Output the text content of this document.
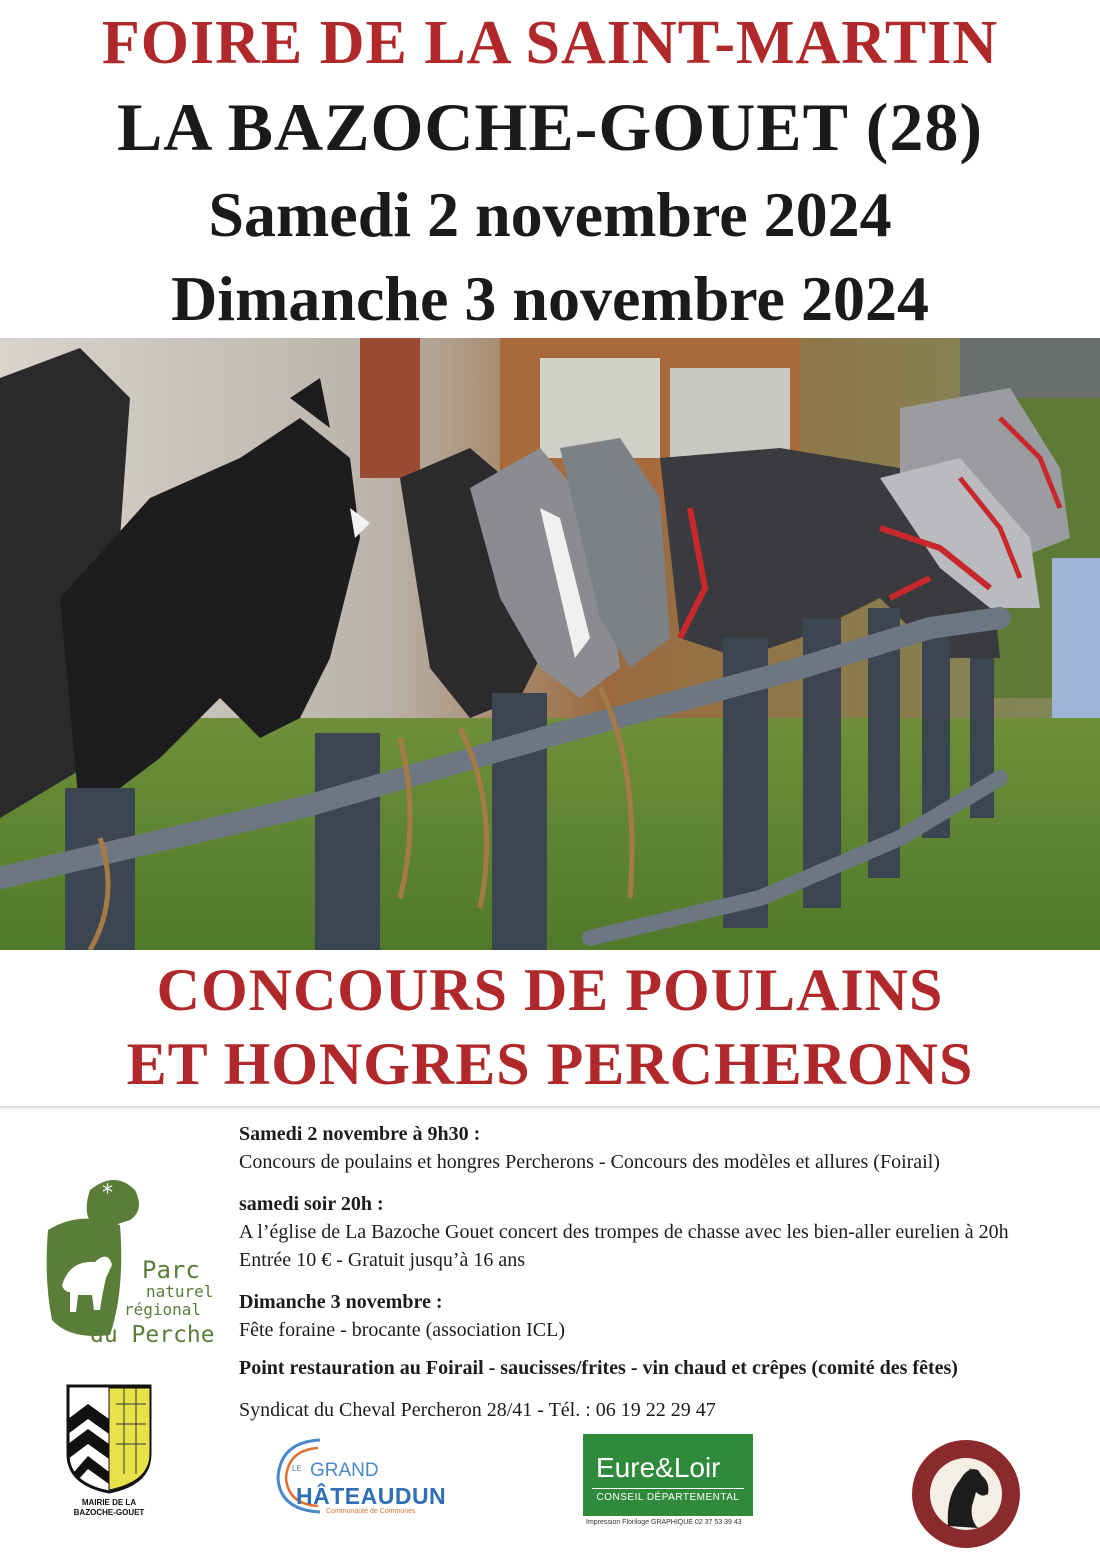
FOIRE DE LA SAINT-MARTIN
LA BAZOCHE-GOUET (28)
Samedi 2 novembre 2024
Dimanche 3 novembre 2024
CONCOURS DE POULAINS
ET HONGRES PERCHERONS

Samedi 2 novembre à 9h30 :

Concours de poulains et hongres Percherons - Concours des modèles et allures (Foirail)

samedi soir 20h :

A l’église de La Bazoche Gouet concert des trompes de chasse avec les bien-aller eurelien à 20h

Entrée 10 € - Gratuit jusqu’à 16 ans

Dimanche 3 novembre :

Fête foraine - brocante (association ICL)

Point restauration au Foirail - saucisses/frites - vin chaud et crêpes (comité des fêtes)

Syndicat du Cheval Percheron 28/41 - Tél. : 06 19 22 29 47

*
Parc
naturel
régional
du Perche
MAIRIE DE LA
BAZOCHE-GOUET
LE GRAND
HÂTEAUDUN
Communauté de Communes
Eure&Loir
CONSEIL DÉPARTEMENTAL
Impression Floriloge GRAPHIQUE 02 37 53 39 43
